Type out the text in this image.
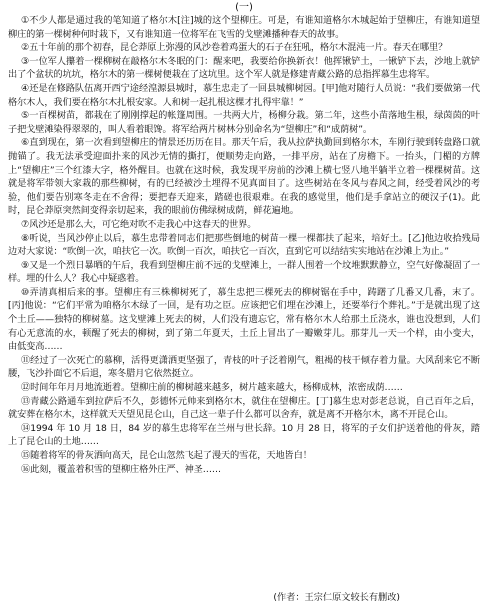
(一)

①不少人都是通过我的笔知道了格尔木[注]城的这个望柳庄。可是，有谁知道格尔木城起始于望柳庄，有谁知道望柳庄的第一棵树种何时栽下，又有谁知道一位将军在飞雪的戈壁滩播种春天的故事。

②五十年前的那个初春，昆仑莽原上弥漫的风沙卷着鸡蛋大的石子在狂吼，格尔木混沌一片。春天在哪里？

③一位军人攥着一棵柳树在敲格尔木冬眠的门：醒来吧，我要给你换新衣！他挥锹铲土，一锹铲下去，沙地上就铲出了个盆状的坑坑，格尔木的第一棵树便栽在了这坑里。这个军人就是修建青藏公路的总指挥慕生忠将军。

④还是在修路队伍离开西宁途经湟源县城时，慕生忠走了一回县城柳树园。[甲]他对随行人员说：“我们要做第一代格尔木人，我们要在格尔木扎根安家。人和树一起扎根这棵才扎得牢靠！”

⑤一百棵树苗，都栽在了刚刚撑起的帐篷周围。一共两大片，杨柳分栽。第二年，这些小苗落地生根，绿茵茵的叶子把戈壁滩染得翠翠的，叫人看着眼馋。将军给两片树林分别命名为“望柳庄”和“成荫树”。

⑥直到现在，第一次看到望柳庄的情景还历历在目。那天午后，我从拉萨执勤回到格尔木，车刚行驶到转盘路口就抛锚了。我无法承受迎面扑来的风沙无情的撕打，便顺势走向路，一排平房，站在了房檐下。一抬头，门楣的方牌上“望柳庄”三个红漆大字，格外醒目。也就在这时候，我发现平房前的沙滩上横七竖八地半躺半立着一棵棵树苗。这就是将军带领大家栽的那些柳树，有的已经被沙土埋得不见真面目了。这些树站在冬风与春风之间，经受着风沙的考验，他们要告别寒冬走在不舍得；要把春天迎来，踏磋也很艰难。在我的感觉里，他们是手拿站立的硬汉子(1)。此时，昆仑莽原突然间变得亲切起来，我的眼前仿佛绿树成荫，鲜花遍地。

⑦风沙还是那么大，可它绝对吹不走我心中这春天的世界。

⑧听说，当风沙停止以后，慕生忠带着同志们把那些倒地的树苗一棵一棵都扶了起来，培好土。[乙]他边收拾残局边对大家说：“吹倒一次，咱扶它一次。吹倒一百次，咱扶它一百次，直到它可以结结实实地站在沙滩上为止。”

⑨又是一个烈日暴晒的午后，我看到望柳庄前不远的戈壁滩上，一群人围着一个坟堆默默静立，空气好像凝固了一样。埋的什么人？我心中疑惑着。

⑩弄清真相后来的事。望柳庄有三株柳树死了，慕生忠把三棵死去的柳树锯在手中，踌躇了几番又几番，末了。[丙]他说：“它们平常为咱格尔木绿了一回，是有功之臣。应该把它们埋在沙滩上，还要举行个葬礼。”于是就出现了这个土丘——独特的柳树墓。这戈壁滩上死去的树，人们没有遗忘它，常有格尔木人给那土丘浇水，谁也没想到，人们有心无意流的水，顿醒了死去的柳树，到了第二年夏天，土丘上冒出了一瓣嫩芽儿。那芽儿一天一个样，由小变大，由低变高……

⑪经过了一次死亡的慕柳，活得更潇洒更坚强了，青枝的叶子泛着刚气，粗褐的枝干倾存着力量。大风刮来它不断腰，飞沙扑面它不后退，寒冬腊月它依然挺立。

⑫时间年年月月地流逝着。望柳庄前的柳树越来越多，树片越来越大，杨柳成林，浓密成荫……

⑬青藏公路通车到拉萨后不久，彭德怀元帅来到格尔木，就住在望柳庄。[丁]慕生忠对彭老总说，自己百年之后，就安葬在格尔木，这样就天天望见昆仑山，自己这一辈子什么都可以舍弃，就是离不开格尔木，离不开昆仑山。

⑭1994 年 10 月 18 日，84 岁的慕生忠将军在兰州与世长辞。10 月 28 日，将军的子女们护送着他的骨灰，踏上了昆仑山的土地……

⑮随着将军的骨灰洒向高天，昆仑山忽然飞起了漫天的雪花，天地皆白！

⑯此刻，覆盖着积雪的望柳庄格外庄严、神圣……

(作者：王宗仁原文较长有删改)
